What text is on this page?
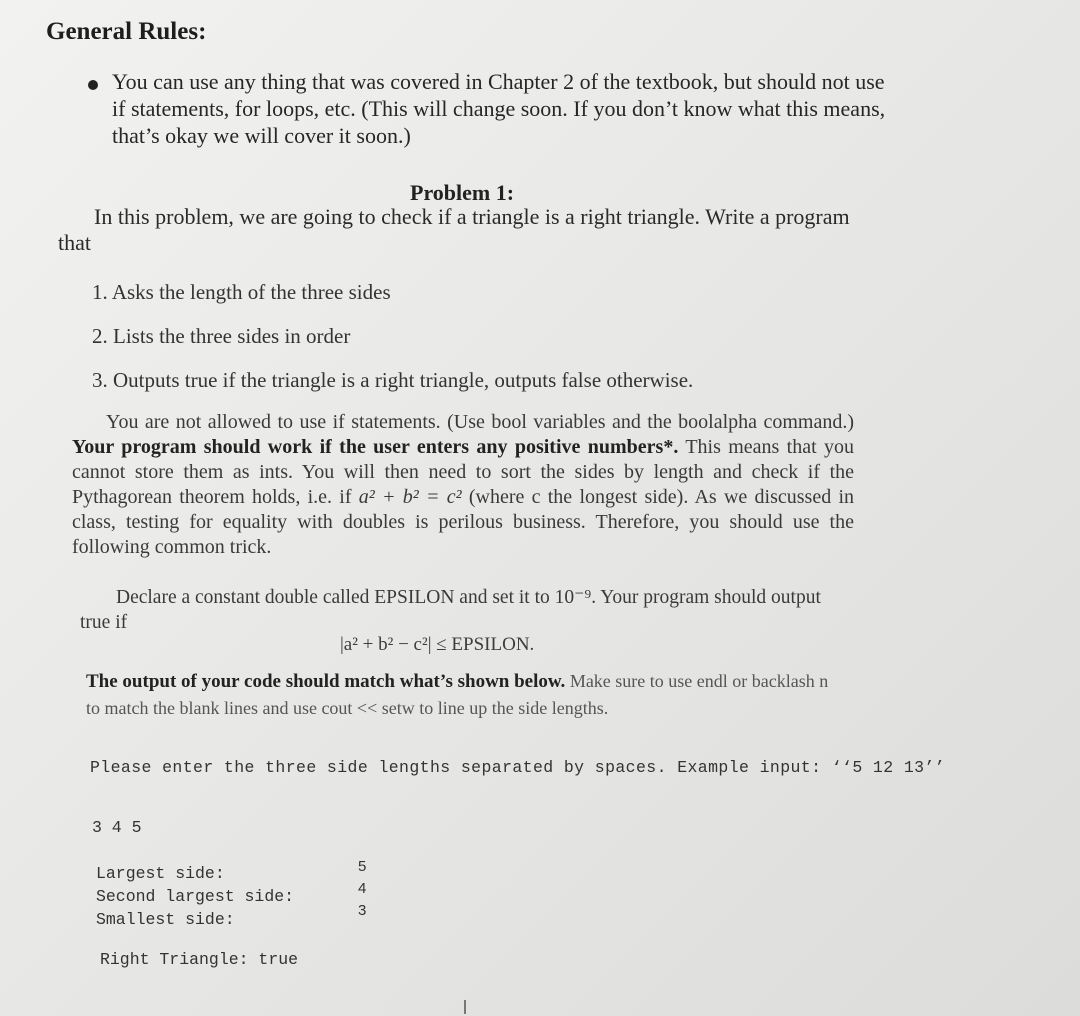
General Rules:
You can use any thing that was covered in Chapter 2 of the textbook, but should not use if statements, for loops, etc. (This will change soon. If you don’t know what this means, that’s okay we will cover it soon.)
Problem 1:
In this problem, we are going to check if a triangle is a right triangle. Write a program that
1. Asks the length of the three sides
2. Lists the three sides in order
3. Outputs true if the triangle is a right triangle, outputs false otherwise.
You are not allowed to use if statements. (Use bool variables and the boolalpha command.) Your program should work if the user enters any positive numbers*. This means that you cannot store them as ints. You will then need to sort the sides by length and check if the Pythagorean theorem holds, i.e. if a² + b² = c² (where c the longest side). As we discussed in class, testing for equality with doubles is perilous business. Therefore, you should use the following common trick.
Declare a constant double called EPSILON and set it to 10⁻⁹. Your program should output true if
|a² + b² − c²| ≤ EPSILON.
The output of your code should match what’s shown below. Make sure to use endl or backlash n to match the blank lines and use cout << setw to line up the side lengths.
Please enter the three side lengths separated by spaces. Example input: ‘‘5 12 13’’
3 4 5
Largest side:
Second largest side:
Smallest side:
5
4
3
Right Triangle: true
